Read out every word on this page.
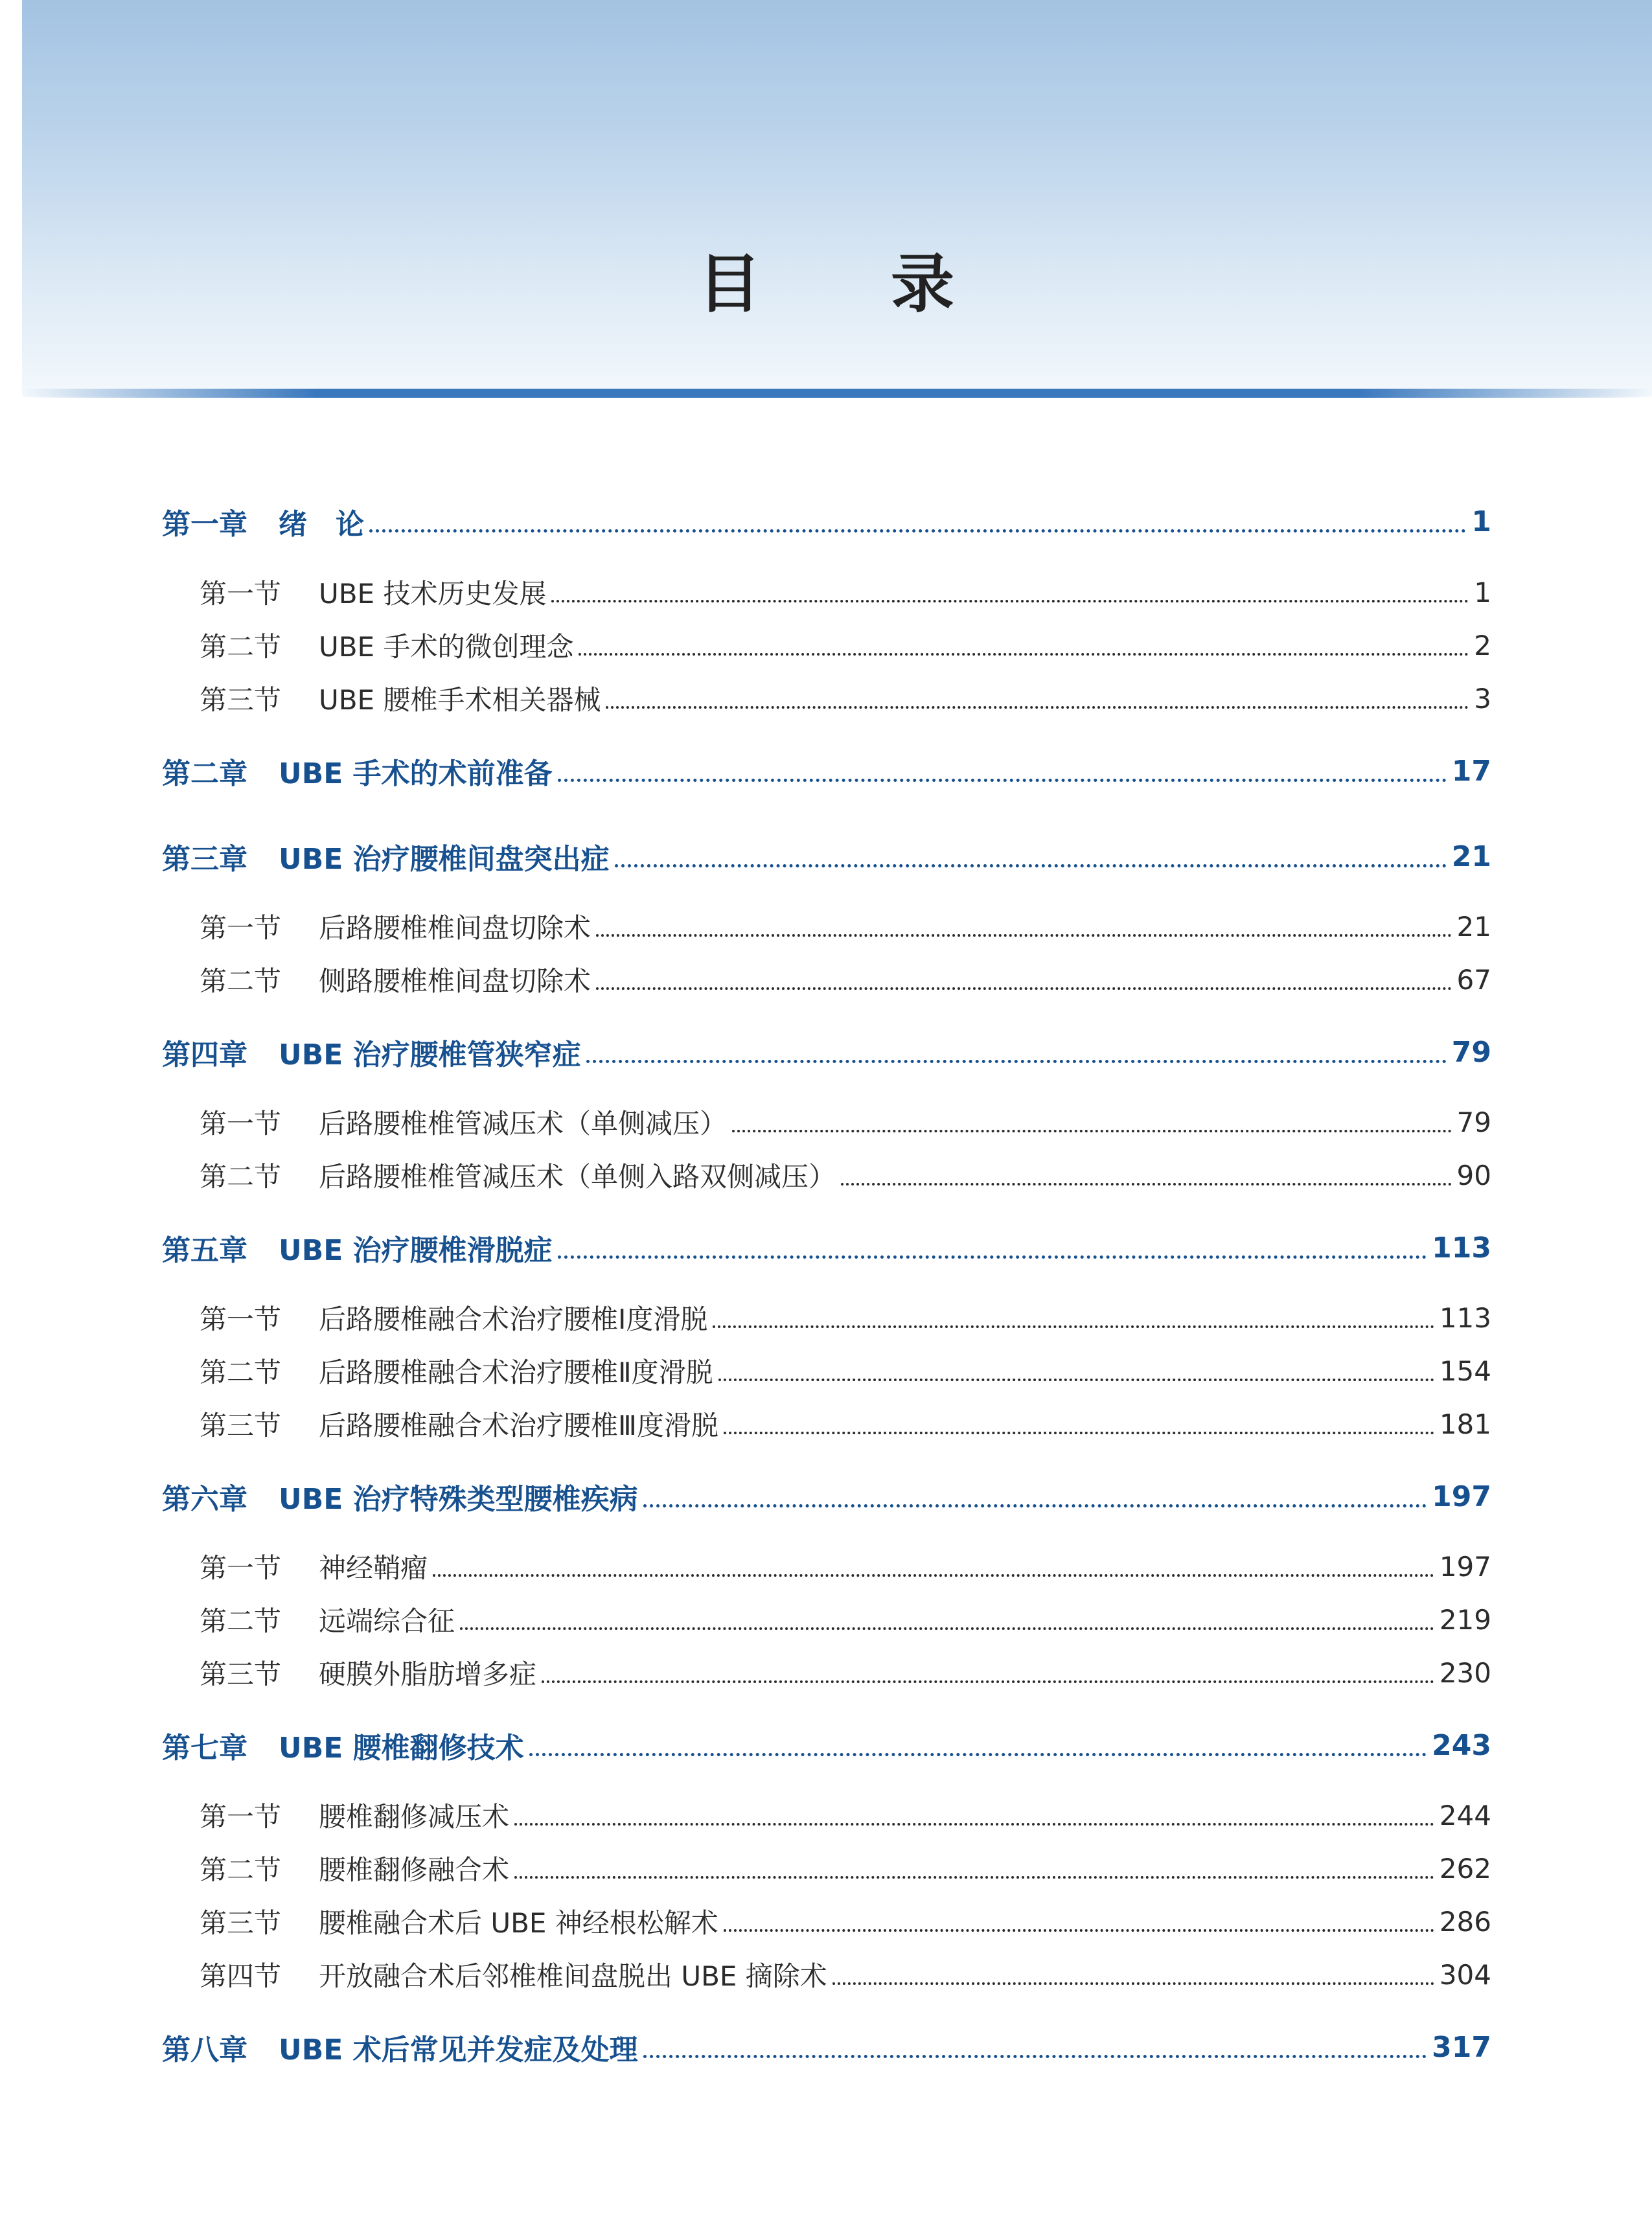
目 录
第一章	绪　论	1
第一节	UBE 技术历史发展	1
第二节	UBE 手术的微创理念	2
第三节	UBE 腰椎手术相关器械	3
第二章	UBE 手术的术前准备	17
第三章	UBE 治疗腰椎间盘突出症	21
第一节	后路腰椎椎间盘切除术	21
第二节	侧路腰椎椎间盘切除术	67
第四章	UBE 治疗腰椎管狭窄症	79
第一节	后路腰椎椎管减压术（单侧减压）	79
第二节	后路腰椎椎管减压术（单侧入路双侧减压）	90
第五章	UBE 治疗腰椎滑脱症	113
第一节	后路腰椎融合术治疗腰椎Ⅰ度滑脱	113
第二节	后路腰椎融合术治疗腰椎Ⅱ度滑脱	154
第三节	后路腰椎融合术治疗腰椎Ⅲ度滑脱	181
第六章	UBE 治疗特殊类型腰椎疾病	197
第一节	神经鞘瘤	197
第二节	远端综合征	219
第三节	硬膜外脂肪增多症	230
第七章	UBE 腰椎翻修技术	243
第一节	腰椎翻修减压术	244
第二节	腰椎翻修融合术	262
第三节	腰椎融合术后 UBE 神经根松解术	286
第四节	开放融合术后邻椎椎间盘脱出 UBE 摘除术	304
第八章	UBE 术后常见并发症及处理	317
